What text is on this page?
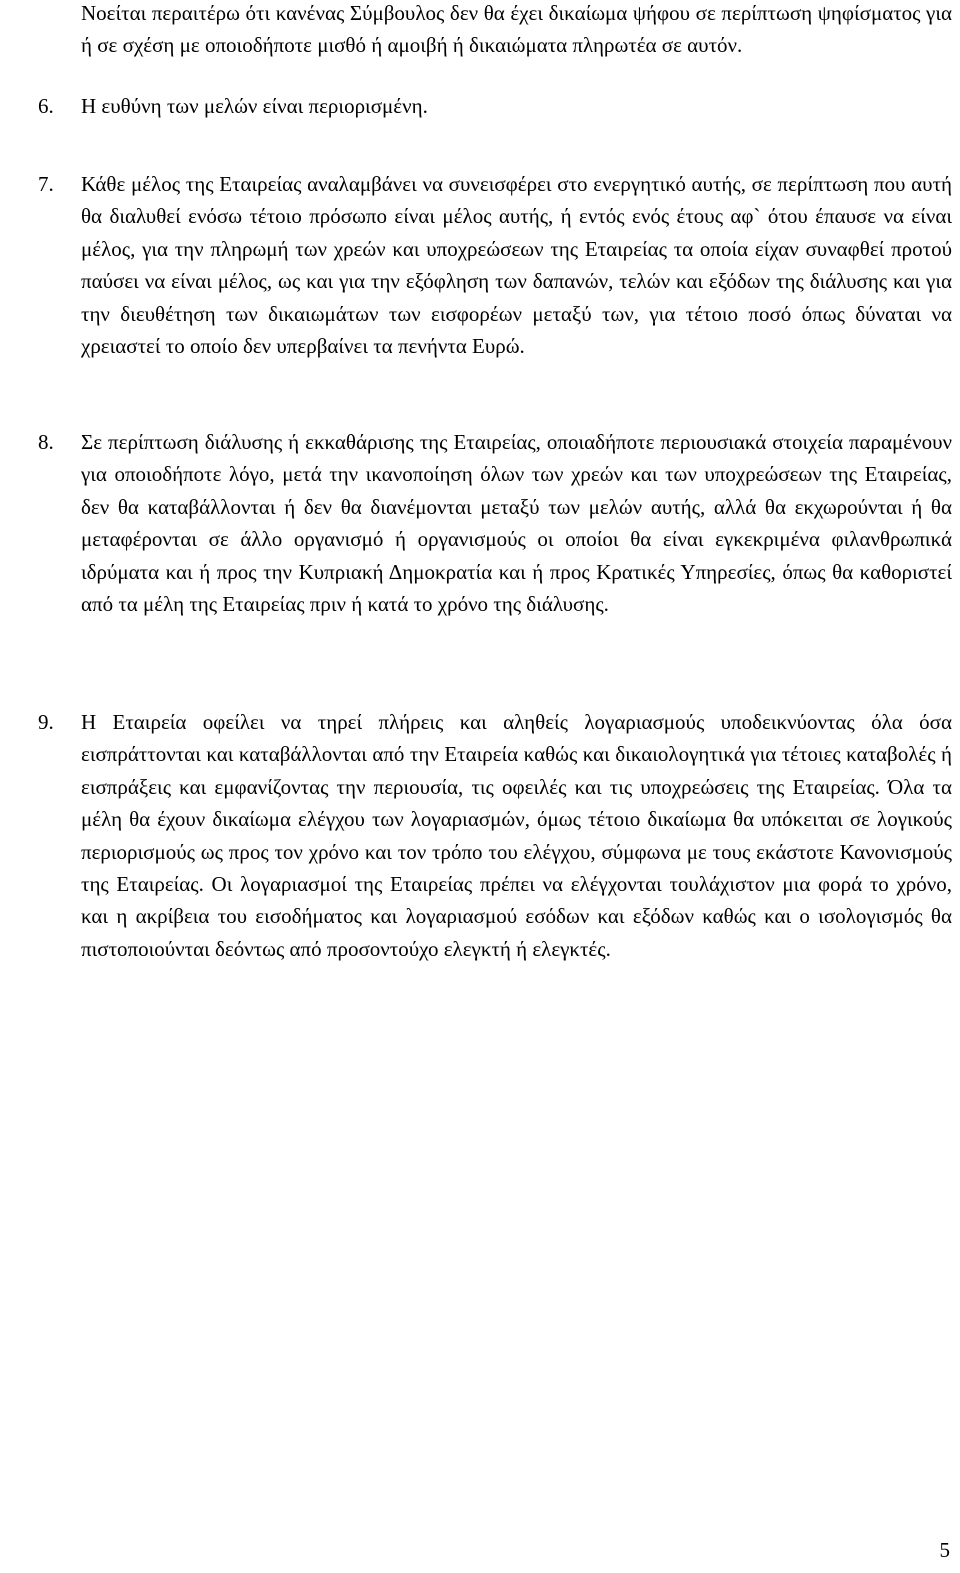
Νοείται περαιτέρω ότι κανένας Σύμβουλος δεν θα έχει δικαίωμα ψήφου σε περίπτωση ψηφίσματος για ή σε σχέση με οποιοδήποτε μισθό ή αμοιβή ή δικαιώματα πληρωτέα σε αυτόν.
6. Η ευθύνη των μελών είναι περιορισμένη.
7. Κάθε μέλος της Εταιρείας αναλαμβάνει να συνεισφέρει στο ενεργητικό αυτής, σε περίπτωση που αυτή θα διαλυθεί ενόσω τέτοιο πρόσωπο είναι μέλος αυτής, ή εντός ενός έτους αφ` ότου έπαυσε να είναι μέλος, για την πληρωμή των χρεών και υποχρεώσεων της Εταιρείας τα οποία είχαν συναφθεί προτού παύσει να είναι μέλος, ως και για την εξόφληση των δαπανών, τελών και εξόδων της διάλυσης και για την διευθέτηση των δικαιωμάτων των εισφορέων μεταξύ των, για τέτοιο ποσό όπως δύναται να χρειαστεί το οποίο δεν υπερβαίνει τα πενήντα Ευρώ.
8. Σε περίπτωση διάλυσης ή εκκαθάρισης της Εταιρείας, οποιαδήποτε περιουσιακά στοιχεία παραμένουν για οποιοδήποτε λόγο, μετά την ικανοποίηση όλων των χρεών και των υποχρεώσεων της Εταιρείας, δεν θα καταβάλλονται ή δεν θα διανέμονται μεταξύ των μελών αυτής, αλλά θα εκχωρούνται ή θα μεταφέρονται σε άλλο οργανισμό ή οργανισμούς οι οποίοι θα είναι εγκεκριμένα φιλανθρωπικά ιδρύματα και ή προς την Κυπριακή Δημοκρατία και ή προς Κρατικές Υπηρεσίες, όπως θα καθοριστεί από τα μέλη της Εταιρείας πριν ή κατά το χρόνο της διάλυσης.
9. Η Εταιρεία οφείλει να τηρεί πλήρεις και αληθείς λογαριασμούς υποδεικνύοντας όλα όσα εισπράττονται και καταβάλλονται από την Εταιρεία καθώς και δικαιολογητικά για τέτοιες καταβολές ή εισπράξεις και εμφανίζοντας την περιουσία, τις οφειλές και τις υποχρεώσεις της Εταιρείας. Όλα τα μέλη θα έχουν δικαίωμα ελέγχου των λογαριασμών, όμως τέτοιο δικαίωμα θα υπόκειται σε λογικούς περιορισμούς ως προς τον χρόνο και τον τρόπο του ελέγχου, σύμφωνα με τους εκάστοτε Κανονισμούς της Εταιρείας. Οι λογαριασμοί της Εταιρείας πρέπει να ελέγχονται τουλάχιστον μια φορά το χρόνο, και η ακρίβεια του εισοδήματος και λογαριασμού εσόδων και εξόδων καθώς και ο ισολογισμός θα πιστοποιούνται δεόντως από προσοντούχο ελεγκτή ή ελεγκτές.
5
